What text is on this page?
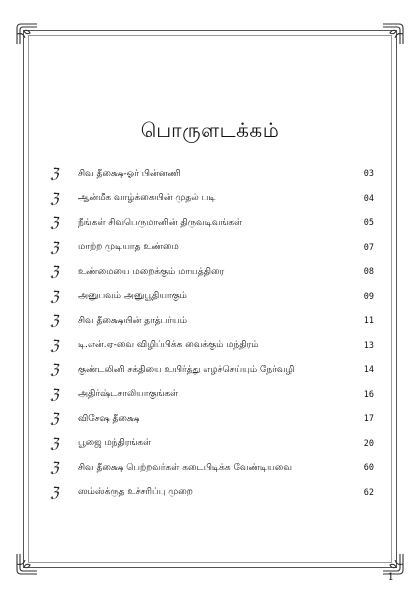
பொருளடக்கம்
ℨ	சிவ தீக்ஷை-ஓர் பின்னணி	03
ℨ	ஆன்மீக வாழ்க்கையின் முதல் படி	04
ℨ	நீங்கள் சிவபெருமானின் திருவடிவங்கள்	05
ℨ	மாற்ற முடியாத உண்மை	07
ℨ	உண்மையை மறைக்கும் மாயத்திரை	08
ℨ	அனுபவம் அனுபூதியாகும்	09
ℨ	சிவ தீக்ஷையின் தாத்பர்யம்	11
ℨ	டி.என்.ஏ-வை விழிப்பிக்க வைக்கும் மந்திரம்	13
ℨ	குண்டலினி சக்தியை உயிர்த்து எழச்செய்யும் நேர்வழி	14
ℨ	அதிர்ஷ்டசாலியாகுங்கள்	16
ℨ	விசேஷ தீக்ஷை	17
ℨ	பூஜை மந்திரங்கள்	20
ℨ	சிவ தீக்ஷை பெற்றவர்கள் கடைபிடிக்க வேண்டியவை	60
ℨ	ஸம்ஸ்க்ருத உச்சரிப்பு முறை	62
1
